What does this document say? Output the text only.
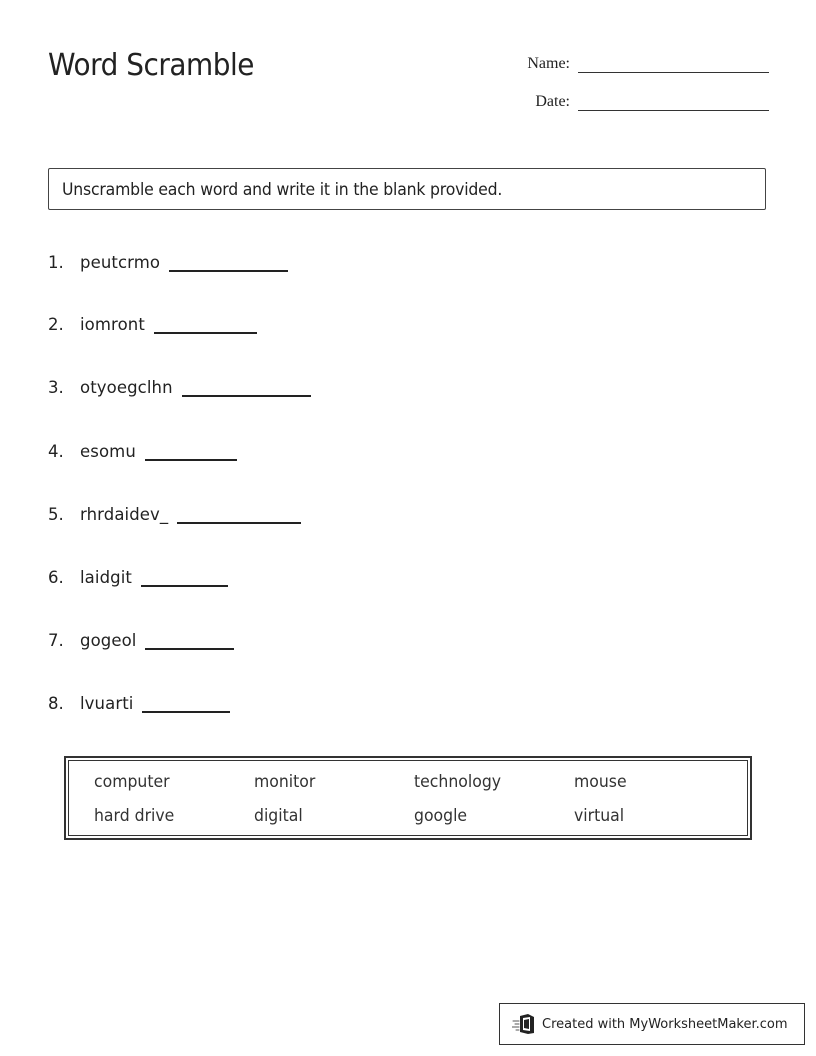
Word Scramble	Name:
Date:
Unscramble each word and write it in the blank provided.
1. peutcrmo
2. iomront
3. otyoegclhn
4. esomu
5. rhrdaidev_
6. laidgit
7. gogeol
8. lvuarti
computer	monitor	technology	mouse
hard drive	digital	google	virtual
Created with MyWorksheetMaker.com
